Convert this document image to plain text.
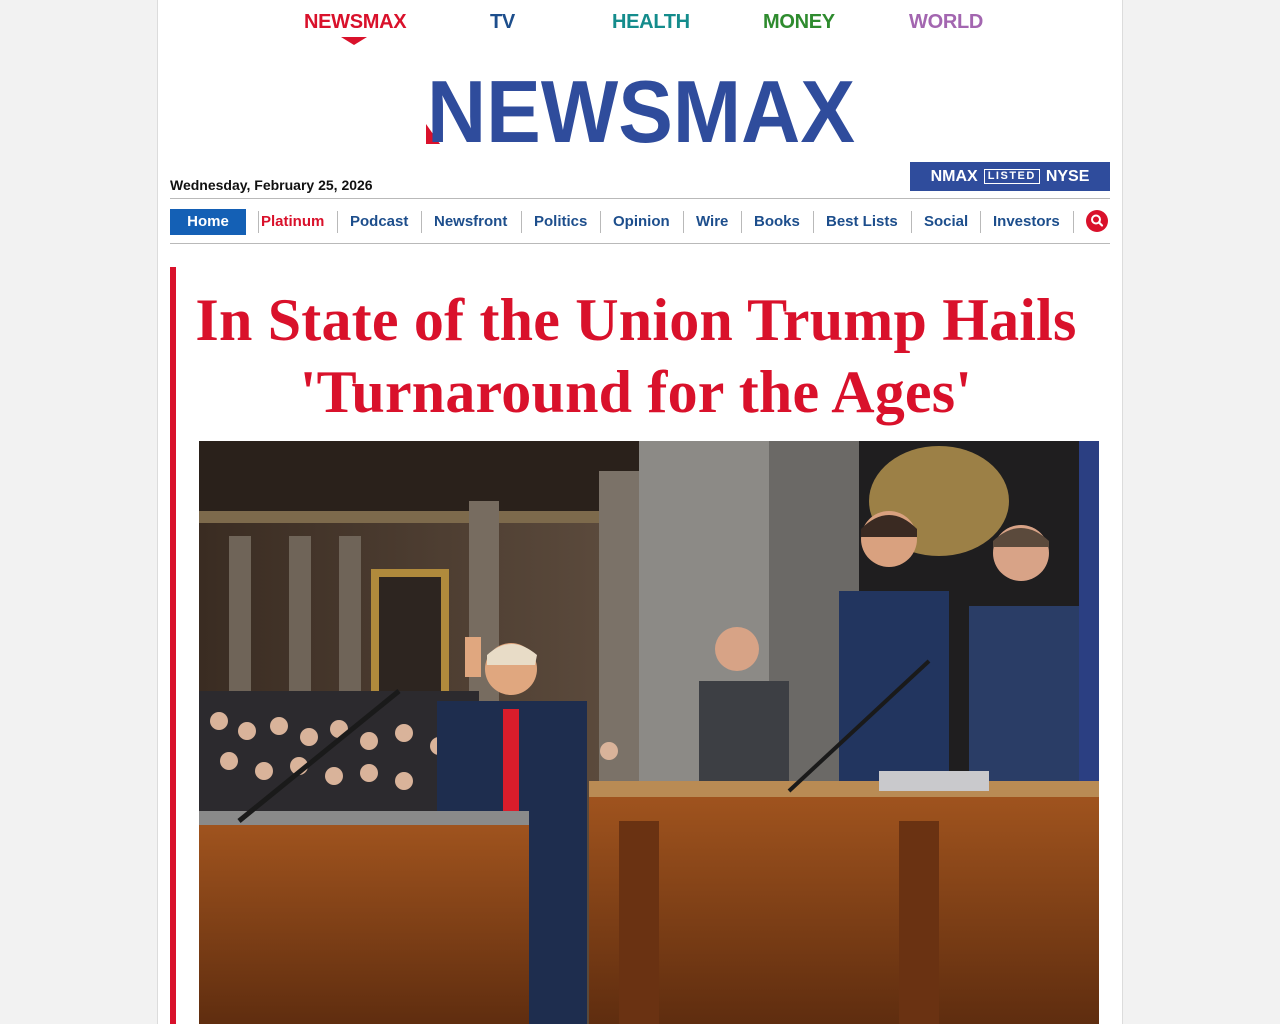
NEWSMAX	TV	HEALTH	MONEY	WORLD
NEWSMAX
Wednesday, February 25, 2026
NMAX LISTED NYSE
Home	Platinum Podcast Newsfront Politics Opinion Wire Books Best Lists Social Investors
In State of the Union Trump Hails
'Turnaround for the Ages'
